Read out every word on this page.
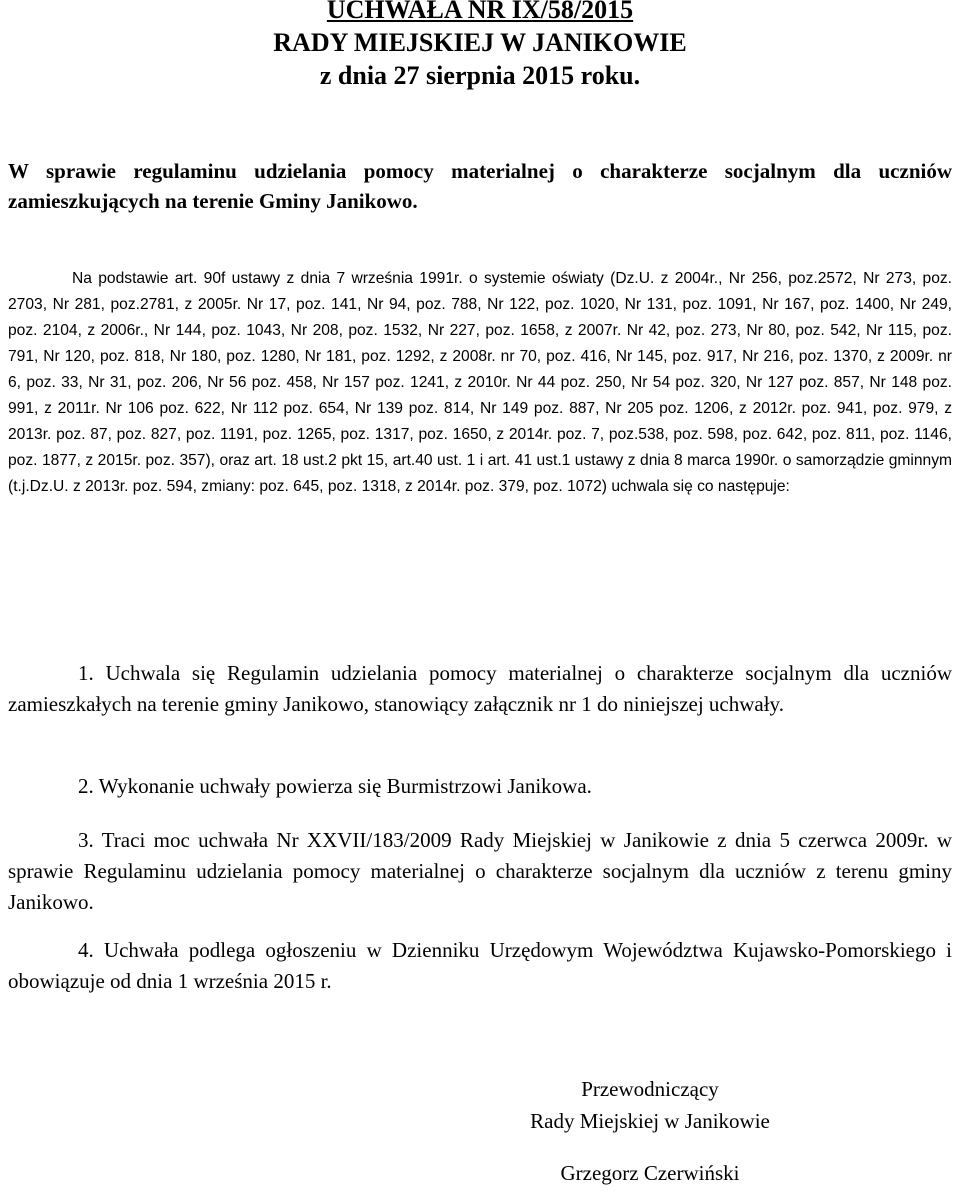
UCHWAŁA NR IX/58/2015

RADY MIEJSKIEJ W JANIKOWIE

z dnia 27 sierpnia 2015 roku.

W sprawie regulaminu udzielania pomocy materialnej o charakterze socjalnym dla uczniów zamieszkujących na terenie Gminy Janikowo.

Na podstawie art. 90f ustawy z dnia 7 września 1991r. o systemie oświaty (Dz.U. z 2004r., Nr 256, poz.2572, Nr 273, poz. 2703, Nr 281, poz.2781, z 2005r. Nr 17, poz. 141, Nr 94, poz. 788, Nr 122, poz. 1020, Nr 131, poz. 1091, Nr 167, poz. 1400, Nr 249, poz. 2104, z 2006r., Nr 144, poz. 1043, Nr 208, poz. 1532, Nr 227, poz. 1658, z 2007r. Nr 42, poz. 273, Nr 80, poz. 542, Nr 115, poz. 791, Nr 120, poz. 818, Nr 180, poz. 1280, Nr 181, poz. 1292, z 2008r. nr 70, poz. 416, Nr 145, poz. 917, Nr 216, poz. 1370, z 2009r. nr 6, poz. 33, Nr 31, poz. 206, Nr 56 poz. 458, Nr 157 poz. 1241, z 2010r. Nr 44 poz. 250, Nr 54 poz. 320, Nr 127 poz. 857, Nr 148 poz. 991, z 2011r. Nr 106 poz. 622, Nr 112 poz. 654, Nr 139 poz. 814, Nr 149 poz. 887, Nr 205 poz. 1206, z 2012r. poz. 941, poz. 979, z 2013r. poz. 87, poz. 827, poz. 1191, poz. 1265, poz. 1317, poz. 1650, z 2014r. poz. 7, poz.538, poz. 598, poz. 642, poz. 811, poz. 1146, poz. 1877, z 2015r. poz. 357), oraz art. 18 ust.2 pkt 15, art.40 ust. 1 i art. 41 ust.1 ustawy z dnia 8 marca 1990r. o samorządzie gminnym (t.j.Dz.U. z 2013r. poz. 594, zmiany: poz. 645, poz. 1318, z 2014r. poz. 379, poz. 1072) uchwala się co następuje:

1. Uchwala się Regulamin udzielania pomocy materialnej o charakterze socjalnym dla uczniów zamieszkałych na terenie gminy Janikowo, stanowiący załącznik nr 1 do niniejszej uchwały.

2. Wykonanie uchwały powierza się Burmistrzowi Janikowa.

3. Traci moc uchwała Nr XXVII/183/2009 Rady Miejskiej w Janikowie z dnia 5 czerwca 2009r. w sprawie Regulaminu udzielania pomocy materialnej o charakterze socjalnym dla uczniów z terenu gminy Janikowo.

4. Uchwała podlega ogłoszeniu w Dzienniku Urzędowym Województwa Kujawsko-Pomorskiego i obowiązuje od dnia 1 września 2015 r.

Przewodniczący

Rady Miejskiej w Janikowie

Grzegorz Czerwiński
